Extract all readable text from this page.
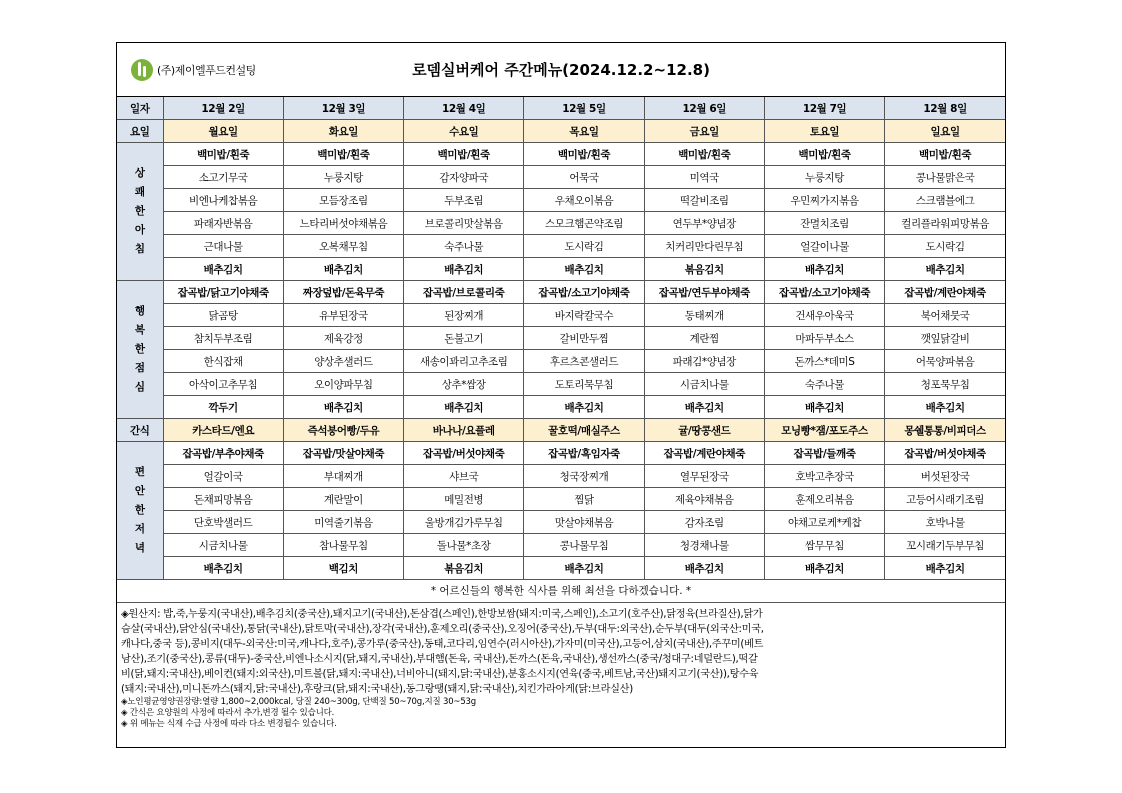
(주)제이엘푸드컨설팅	로뎀실버케어 주간메뉴(2024.12.2~12.8)
일자	12월 2일	12월 3일	12월 4일	12월 5일	12월 6일	12월 7일	12월 8일
요일	월요일	화요일	수요일	목요일	금요일	토요일	일요일

상
쾌
한
아
침	백미밥/흰죽	백미밥/흰죽	백미밥/흰죽	백미밥/흰죽	백미밥/흰죽	백미밥/흰죽	백미밥/흰죽
	소고기무국	누룽지탕	감자양파국	어묵국	미역국	누룽지탕	콩나물맑은국
	비엔나케찹볶음	모듬장조림	두부조림	우채오이볶음	떡갈비조림	우민찌가지볶음	스크램블에그
	파래자반볶음	느타리버섯야채볶음	브로콜리맛살볶음	스모크햄곤약조림	연두부*양념장	잔멸치조림	컬리플라워피망볶음
	근대나물	오복채무침	숙주나물	도시락김	치커리만다린무침	얼갈이나물	도시락김
	배추김치	배추김치	배추김치	배추김치	볶음김치	배추김치	배추김치

행
복
한
점
심	잡곡밥/닭고기야채죽	짜장덮밥/돈육무죽	잡곡밥/브로콜리죽	잡곡밥/소고기야채죽	잡곡밥/연두부야채죽	잡곡밥/소고기야채죽	잡곡밥/계란야채죽
	닭곰탕	유부된장국	된장찌개	바지락칼국수	동태찌개	건새우아욱국	북어채뭇국
	참치두부조림	제육강정	돈불고기	갈비만두찜	계란찜	마파두부소스	깻잎닭갈비
	한식잡채	양상추샐러드	새송이꽈리고추조림	후르츠콘샐러드	파래김*양념장	돈까스*데미S	어묵양파볶음
	아삭이고추무침	오이양파무침	상추*쌈장	도토리묵무침	시금치나물	숙주나물	청포묵무침
	깍두기	배추김치	배추김치	배추김치	배추김치	배추김치	배추김치
간식	카스타드/엔요	즉석붕어빵/두유	바나나/요플레	꿀호떡/매실주스	귤/땅콩샌드	모닝빵*잼/포도주스	몽쉘통통/비피더스

편
안
한
저
녁	잡곡밥/부추야채죽	잡곡밥/맛살야채죽	잡곡밥/버섯야채죽	잡곡밥/흑임자죽	잡곡밥/계란야채죽	잡곡밥/들깨죽	잡곡밥/버섯야채죽
	얼갈이국	부대찌개	샤브국	청국장찌개	열무된장국	호박고추장국	버섯된장국
	돈채피망볶음	계란말이	메밀전병	찜닭	제육야채볶음	훈제오리볶음	고등어시래기조림
	단호박샐러드	미역줄기볶음	울방개김가루무침	맛살야채볶음	감자조림	야채고로케*케찹	호박나물
	시금치나물	참나물무침	돌나물*초장	콩나물무침	청경채나물	쌈무무침	꼬시래기두부무침
	배추김치	백김치	볶음김치	배추김치	배추김치	배추김치	배추김치
* 어르신들의 행복한 식사를 위해 최선을 다하겠습니다. *

◈원산지: 밥,죽,누룽지(국내산),배추김치(중국산),돼지고기(국내산),돈삼겹(스페인),한방보쌈(돼지:미국,스페인),소고기(호주산),닭정육(브라질산),닭가

슴살(국내산),닭안심(국내산),통닭(국내산),닭토막(국내산),장각(국내산),훈제오리(중국산),오징어(중국산),두부(대두:외국산),순두부(대두(외국산:미국,

캐나다,중국 등),콩비지(대두-외국산:미국,캐나다,호주),콩가루(중국산),동태,코다리,임연수(러시아산),가자미(미국산),고등어,삼치(국내산),주꾸미(베트

남산),조기(중국산),콩류(대두)-중국산,비엔나소시지(닭,돼지,국내산),부대햄(돈육, 국내산),돈까스(돈육,국내산),생선까스(중국/청대구:네덜란드),떡갈

비(닭,돼지:국내산),베이컨(돼지:외국산),미트볼(닭,돼지:국내산),너비아니(돼지,닭:국내산),분홍소시지(연육(중국,베트남,국산)돼지고기(국산)),탕수육

(돼지:국내산),미니돈까스(돼지,닭:국내산),후랑크(닭,돼지:국내산),동그랑땡(돼지,닭:국내산),치킨가라아게(닭:브라실산)

◈노인평균영양권장량:열량 1,800~2,000kcal, 당질 240~300g, 단백질 50~70g,지질 30~53g

◈ 간식은 요양원의 사정에 따라서 추가,변경 될수 있습니다.

◈ 위 메뉴는 식재 수급 사정에 따라 다소 변경될수 있습니다.
